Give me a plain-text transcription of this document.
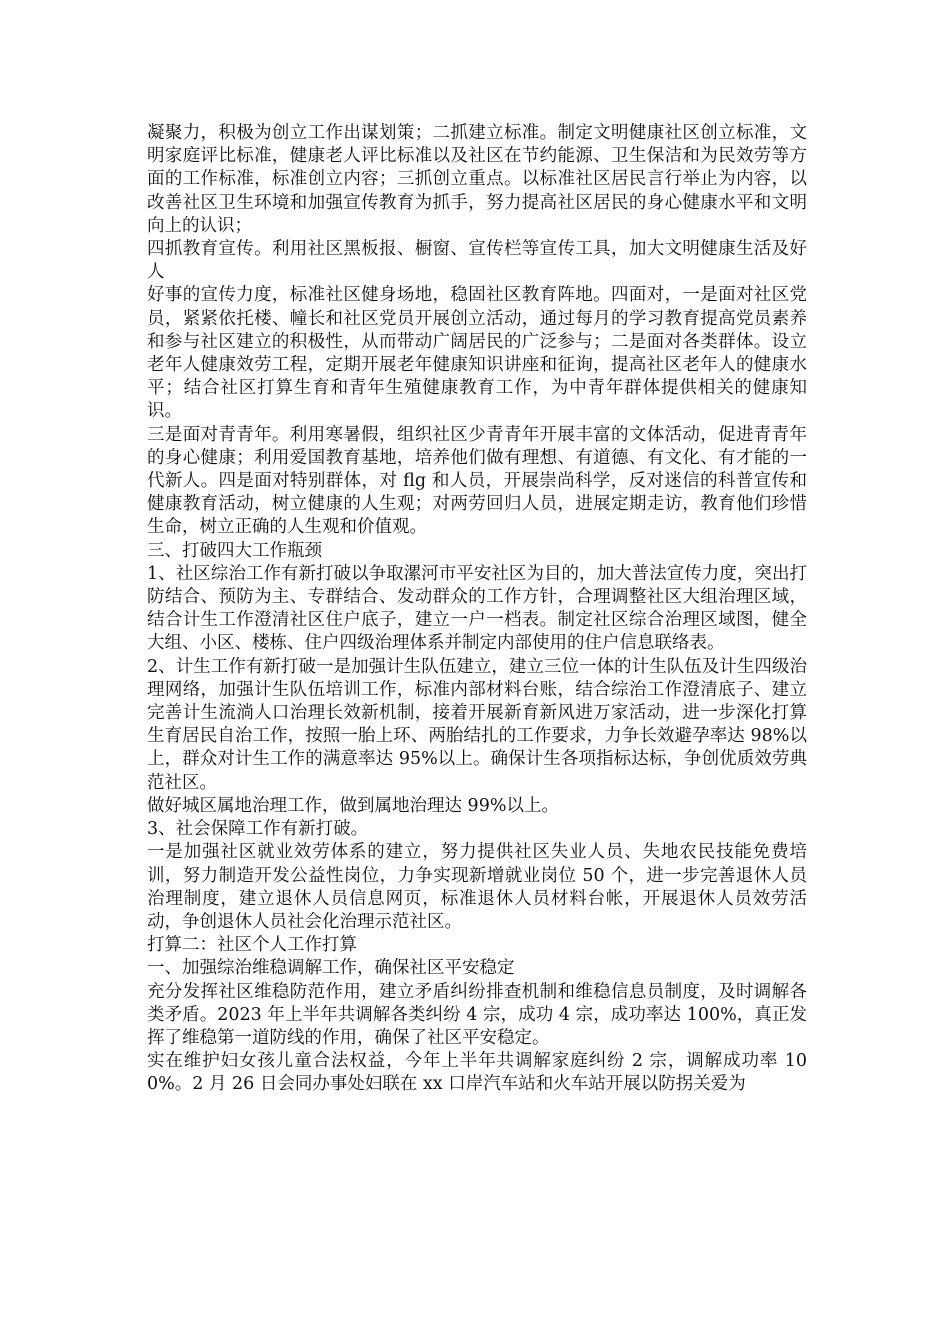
凝聚力，积极为创立工作出谋划策；二抓建立标准。制定文明健康社区创立标准，文明家庭评比标准，健康老人评比标准以及社区在节约能源、卫生保洁和为民效劳等方面的工作标准，标准创立内容；三抓创立重点。以标准社区居民言行举止为内容，以改善社区卫生环境和加强宣传教育为抓手，努力提高社区居民的身心健康水平和文明向上的认识；

四抓教育宣传。利用社区黑板报、橱窗、宣传栏等宣传工具，加大文明健康生活及好人

好事的宣传力度，标准社区健身场地，稳固社区教育阵地。四面对，一是面对社区党员，紧紧依托楼、幢长和社区党员开展创立活动，通过每月的学习教育提高党员素养和参与社区建立的积极性，从而带动广阔居民的广泛参与；二是面对各类群体。设立老年人健康效劳工程，定期开展老年健康知识讲座和征询，提高社区老年人的健康水平；结合社区打算生育和青年生殖健康教育工作，为中青年群体提供相关的健康知识。

三是面对青青年。利用寒暑假，组织社区少青青年开展丰富的文体活动，促进青青年的身心健康；利用爱国教育基地，培养他们做有理想、有道德、有文化、有才能的一代新人。四是面对特别群体，对 flg 和人员，开展崇尚科学，反对迷信的科普宣传和健康教育活动，树立健康的人生观；对两劳回归人员，进展定期走访，教育他们珍惜生命，树立正确的人生观和价值观。

三、打破四大工作瓶颈

1、社区综治工作有新打破以争取漯河市平安社区为目的，加大普法宣传力度，突出打防结合、预防为主、专群结合、发动群众的工作方针，合理调整社区大组治理区域，结合计生工作澄清社区住户底子，建立一户一档表。制定社区综合治理区域图，健全大组、小区、楼栋、住户四级治理体系并制定内部使用的住户信息联络表。

2、计生工作有新打破一是加强计生队伍建立，建立三位一体的计生队伍及计生四级治理网络，加强计生队伍培训工作，标准内部材料台账，结合综治工作澄清底子、建立完善计生流淌人口治理长效新机制，接着开展新育新风进万家活动，进一步深化打算生育居民自治工作，按照一胎上环、两胎结扎的工作要求，力争长效避孕率达 98%以上，群众对计生工作的满意率达 95%以上。确保计生各项指标达标，争创优质效劳典范社区。

做好城区属地治理工作，做到属地治理达 99%以上。

3、社会保障工作有新打破。

一是加强社区就业效劳体系的建立，努力提供社区失业人员、失地农民技能免费培训，努力制造开发公益性岗位，力争实现新增就业岗位 50 个，进一步完善退休人员治理制度，建立退休人员信息网页，标准退休人员材料台帐，开展退休人员效劳活动，争创退休人员社会化治理示范社区。

打算二：社区个人工作打算

一、加强综治维稳调解工作，确保社区平安稳定

充分发挥社区维稳防范作用，建立矛盾纠纷排查机制和维稳信息员制度，及时调解各类矛盾。2023 年上半年共调解各类纠纷 4 宗，成功 4 宗，成功率达 100%，真正发挥了维稳第一道防线的作用，确保了社区平安稳定。

实在维护妇女孩儿童合法权益，今年上半年共调解家庭纠纷 2 宗，调解成功率 100%。2 月 26 日会同办事处妇联在 xx 口岸汽车站和火车站开展以防拐关爱为
